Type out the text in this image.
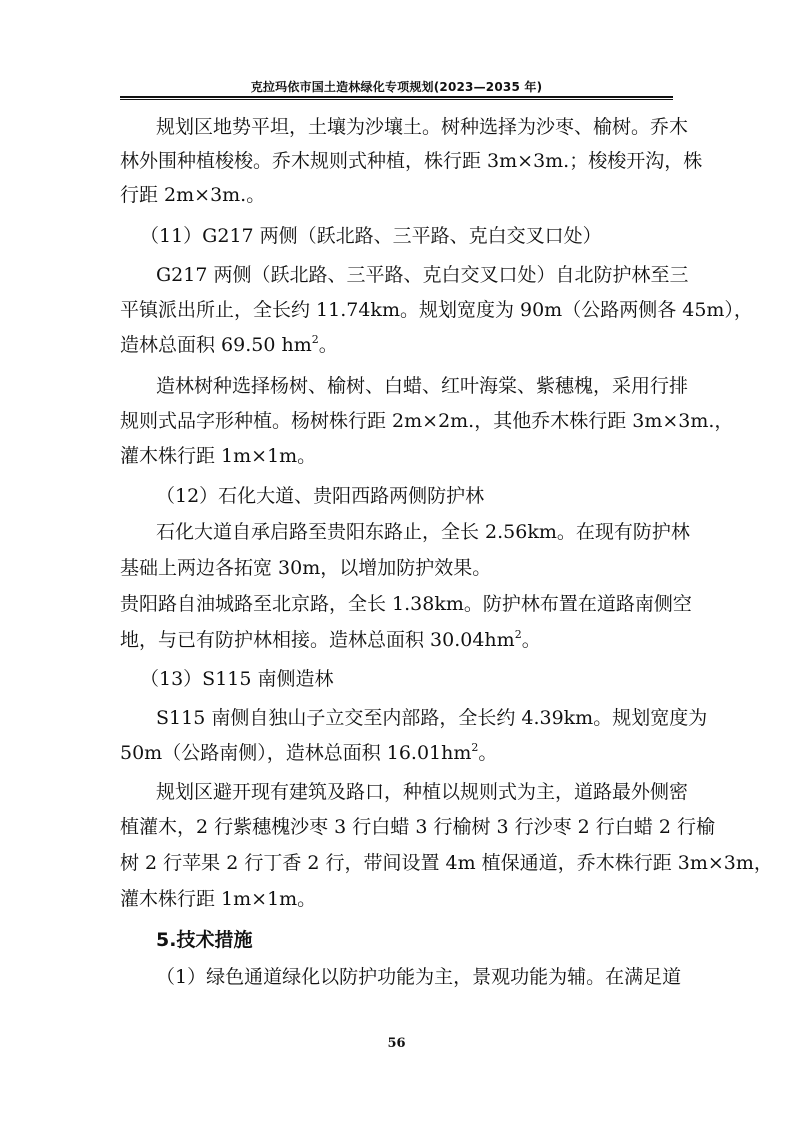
克拉玛依市国土造林绿化专项规划(2023—2035 年)
规划区地势平坦，土壤为沙壤土。树种选择为沙枣、榆树。乔木
林外围种植梭梭。乔木规则式种植，株行距 3m×3m.；梭梭开沟，株
行距 2m×3m.。
（11）G217 两侧（跃北路、三平路、克白交叉口处）
G217 两侧（跃北路、三平路、克白交叉口处）自北防护林至三
平镇派出所止，全长约 11.74km。规划宽度为 90m（公路两侧各 45m），
造林总面积 69.50 $hm^2$。
造林树种选择杨树、榆树、白蜡、红叶海棠、紫穗槐，采用行排
规则式品字形种植。杨树株行距 2m×2m.，其他乔木株行距 3m×3m.，
灌木株行距 1m×1m。
（12）石化大道、贵阳西路两侧防护林
石化大道自承启路至贵阳东路止，全长 2.56km。在现有防护林
基础上两边各拓宽 30m，以增加防护效果。
贵阳路自油城路至北京路，全长 1.38km。防护林布置在道路南侧空
地，与已有防护林相接。造林总面积 $30.04hm^2$。
（13）S115 南侧造林
S115 南侧自独山子立交至内部路，全长约 4.39km。规划宽度为
50m（公路南侧），造林总面积 $16.01hm^2$。
规划区避开现有建筑及路口，种植以规则式为主，道路最外侧密
植灌木，2 行紫穗槐沙枣 3 行白蜡 3 行榆树 3 行沙枣 2 行白蜡 2 行榆
树 2 行苹果 2 行丁香 2 行，带间设置 4m 植保通道，乔木株行距 3m×3m，
灌木株行距 1m×1m。
5.技术措施
（1）绿色通道绿化以防护功能为主，景观功能为辅。在满足道
56
